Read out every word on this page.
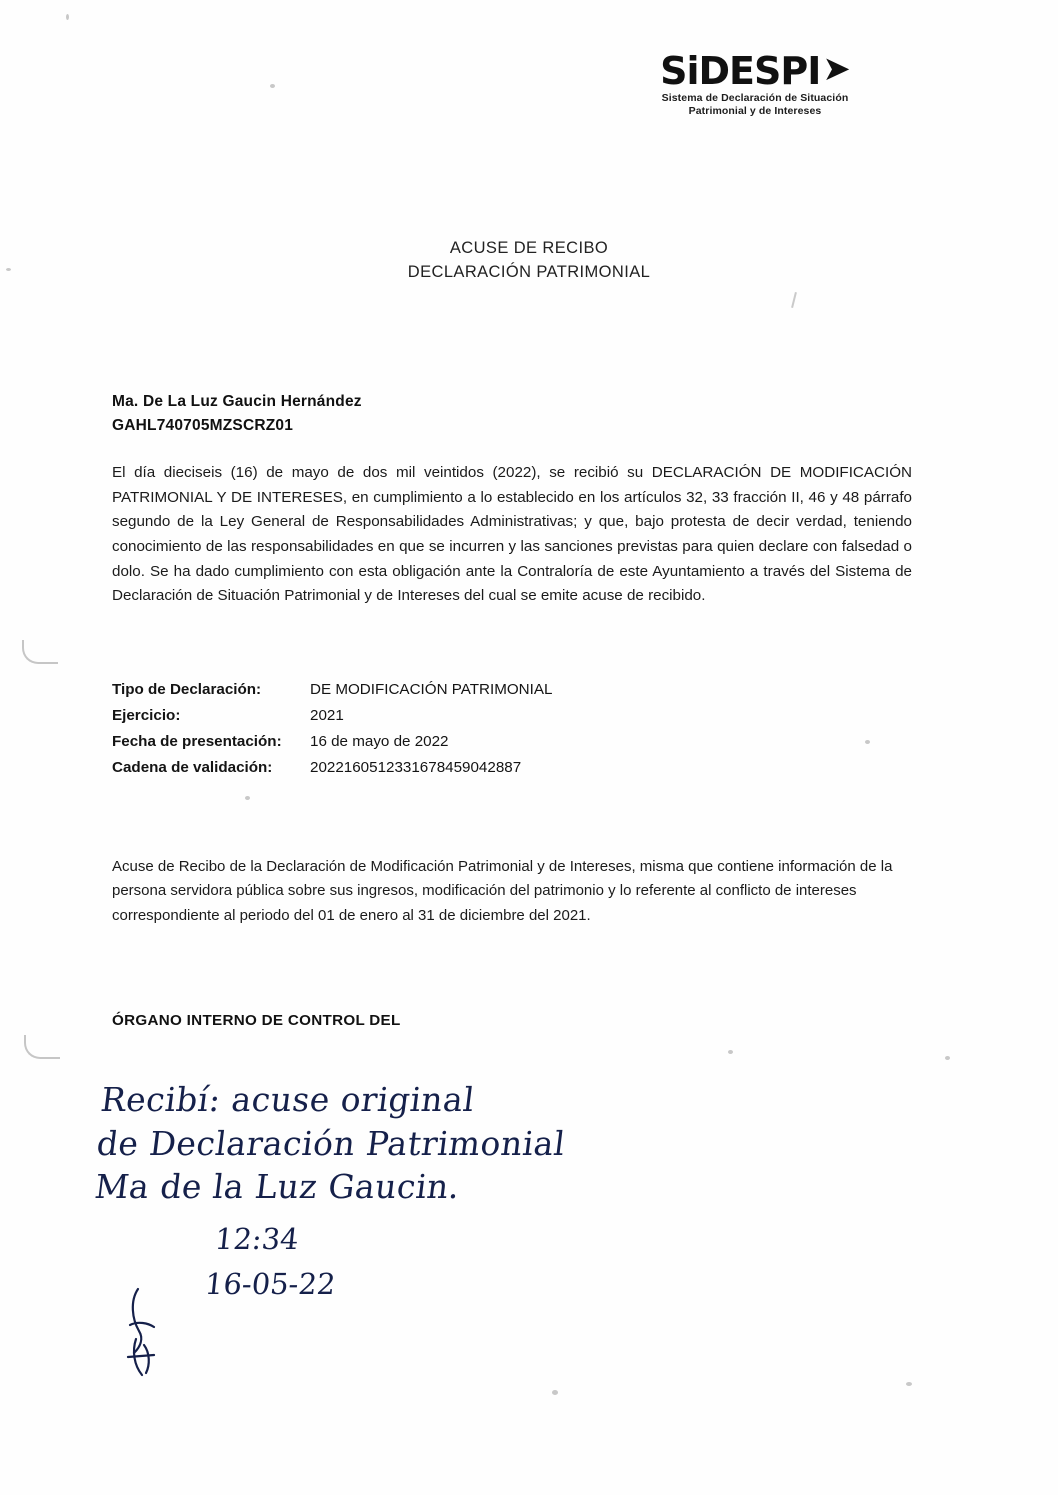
SiDESPI➤
Sistema de Declaración de Situación
Patrimonial y de Intereses
ACUSE DE RECIBO
DECLARACIÓN PATRIMONIAL
Ma. De La Luz Gaucin Hernández
GAHL740705MZSCRZ01
El día dieciseis (16) de mayo de dos mil veintidos (2022), se recibió su DECLARACIÓN DE MODIFICACIÓN PATRIMONIAL Y DE INTERESES, en cumplimiento a lo establecido en los artículos 32, 33 fracción II, 46 y 48 párrafo segundo de la Ley General de Responsabilidades Administrativas; y que, bajo protesta de decir verdad, teniendo conocimiento de las responsabilidades en que se incurren y las sanciones previstas para quien declare con falsedad o dolo. Se ha dado cumplimiento con esta obligación ante la Contraloría de este Ayuntamiento a través del Sistema de Declaración de Situación Patrimonial y de Intereses del cual se emite acuse de recibido.
Tipo de Declaración:	DE MODIFICACIÓN PATRIMONIAL
Ejercicio:	2021
Fecha de presentación:	16 de mayo de 2022
Cadena de validación:	2022160512331678459042887
Acuse de Recibo de la Declaración de Modificación Patrimonial y de Intereses, misma que contiene información de la persona servidora pública sobre sus ingresos, modificación del patrimonio y lo referente al conflicto de intereses correspondiente al periodo del 01 de enero al 31 de diciembre del 2021.
ÓRGANO INTERNO DE CONTROL DEL
Recibí: acuse original
de Declaración Patrimonial
Ma de la Luz Gaucin.
12:34
16-05-22
